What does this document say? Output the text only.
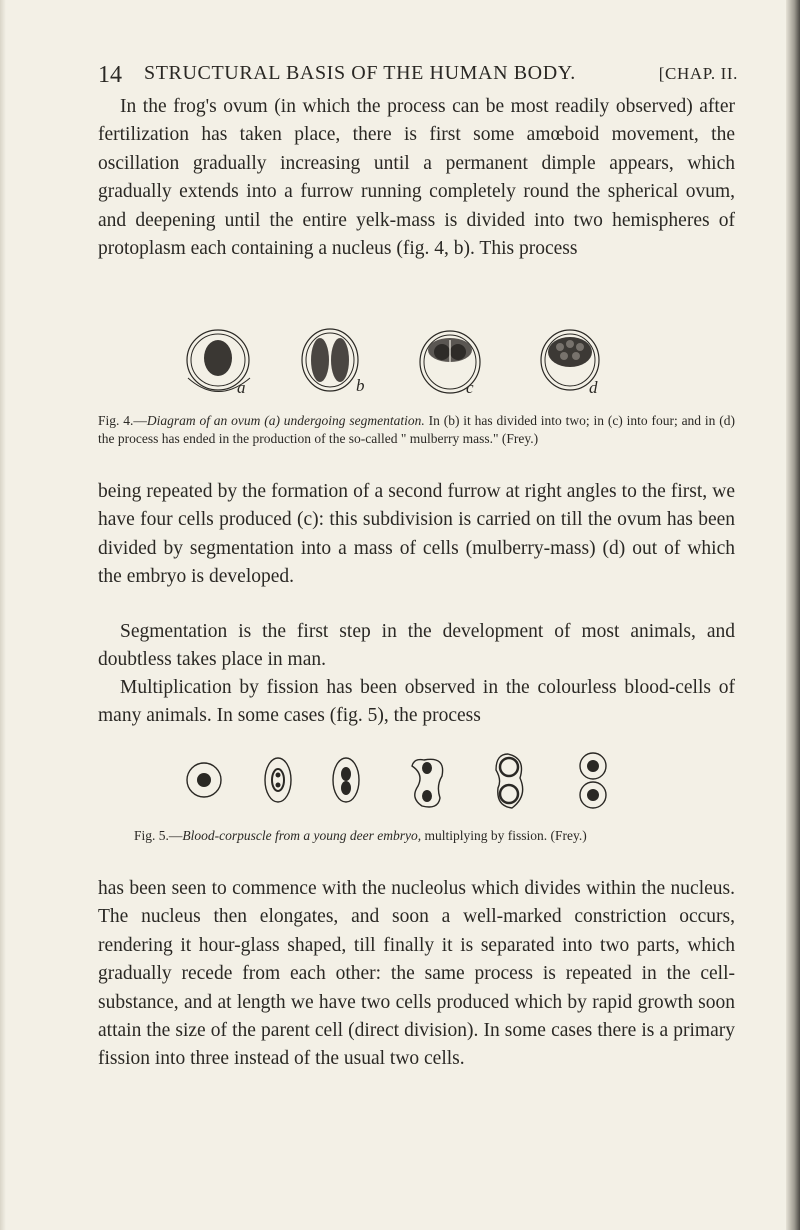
14 STRUCTURAL BASIS OF THE HUMAN BODY.	[CHAP. II.

In the frog's ovum (in which the process can be most readily observed) after fertilization has taken place, there is first some amœboid movement, the oscillation gradually increasing until a permanent dimple appears, which gradually extends into a furrow running completely round the spherical ovum, and deepening until the entire yelk-mass is divided into two hemispheres of protoplasm each containing a nucleus (fig. 4, b). This process

a	b	c	d

Fig. 4.—Diagram of an ovum (a) undergoing segmentation. In (b) it has divided into two; in (c) into four; and in (d) the process has ended in the production of the so-called " mulberry mass." (Frey.)

being repeated by the formation of a second furrow at right angles to the first, we have four cells produced (c): this subdivision is carried on till the ovum has been divided by segmentation into a mass of cells (mulberry-mass) (d) out of which the embryo is developed.

Segmentation is the first step in the development of most animals, and doubtless takes place in man.

Multiplication by fission has been observed in the colourless blood-cells of many animals. In some cases (fig. 5), the process

Fig. 5.—Blood-corpuscle from a young deer embryo, multiplying by fission. (Frey.)

has been seen to commence with the nucleolus which divides within the nucleus. The nucleus then elongates, and soon a well-marked constriction occurs, rendering it hour-glass shaped, till finally it is separated into two parts, which gradually recede from each other: the same process is repeated in the cell-substance, and at length we have two cells produced which by rapid growth soon attain the size of the parent cell (direct division). In some cases there is a primary fission into three instead of the usual two cells.
